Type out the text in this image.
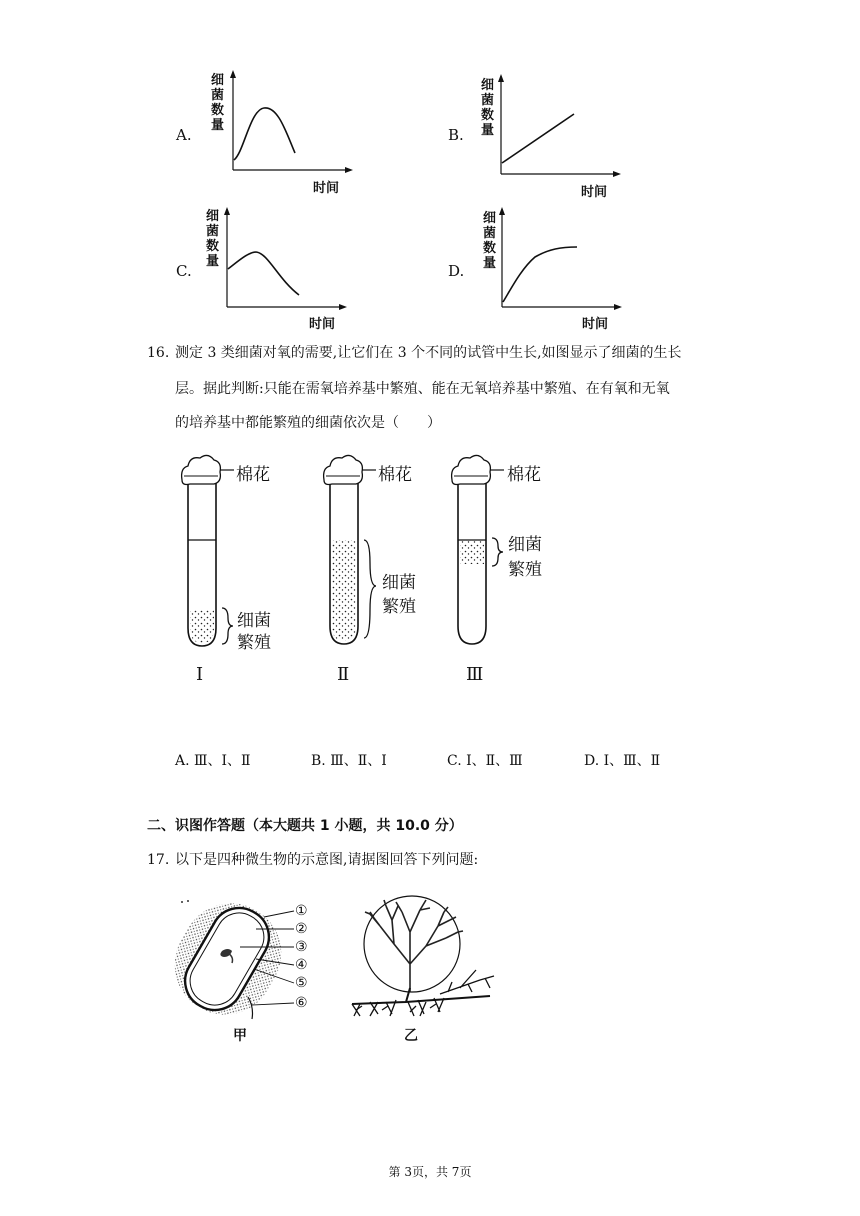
A.
细菌数量
时间
B.
细菌数量
时间
C.
细菌数量
时间
D.
细菌数量
时间
16. 测定 3 类细菌对氧的需要,让它们在 3 个不同的试管中生长,如图显示了细菌的生长
层。据此判断:只能在需氧培养基中繁殖、能在无氧培养基中繁殖、在有氧和无氧
的培养基中都能繁殖的细菌依次是（　　）
棉花
细菌
繁殖
棉花
细菌
繁殖
棉花
细菌
繁殖
Ⅰ	Ⅱ	Ⅲ
A. Ⅲ、Ⅰ、Ⅱ	B. Ⅲ、Ⅱ、Ⅰ	C. Ⅰ、Ⅱ、Ⅲ	D. Ⅰ、Ⅲ、Ⅱ
二、识图作答题（本大题共 1 小题，共 10.0 分）
17. 以下是四种微生物的示意图,请据图回答下列问题:
①
②
③
④
⑤
⑥
甲	乙
第 3页，共 7页
